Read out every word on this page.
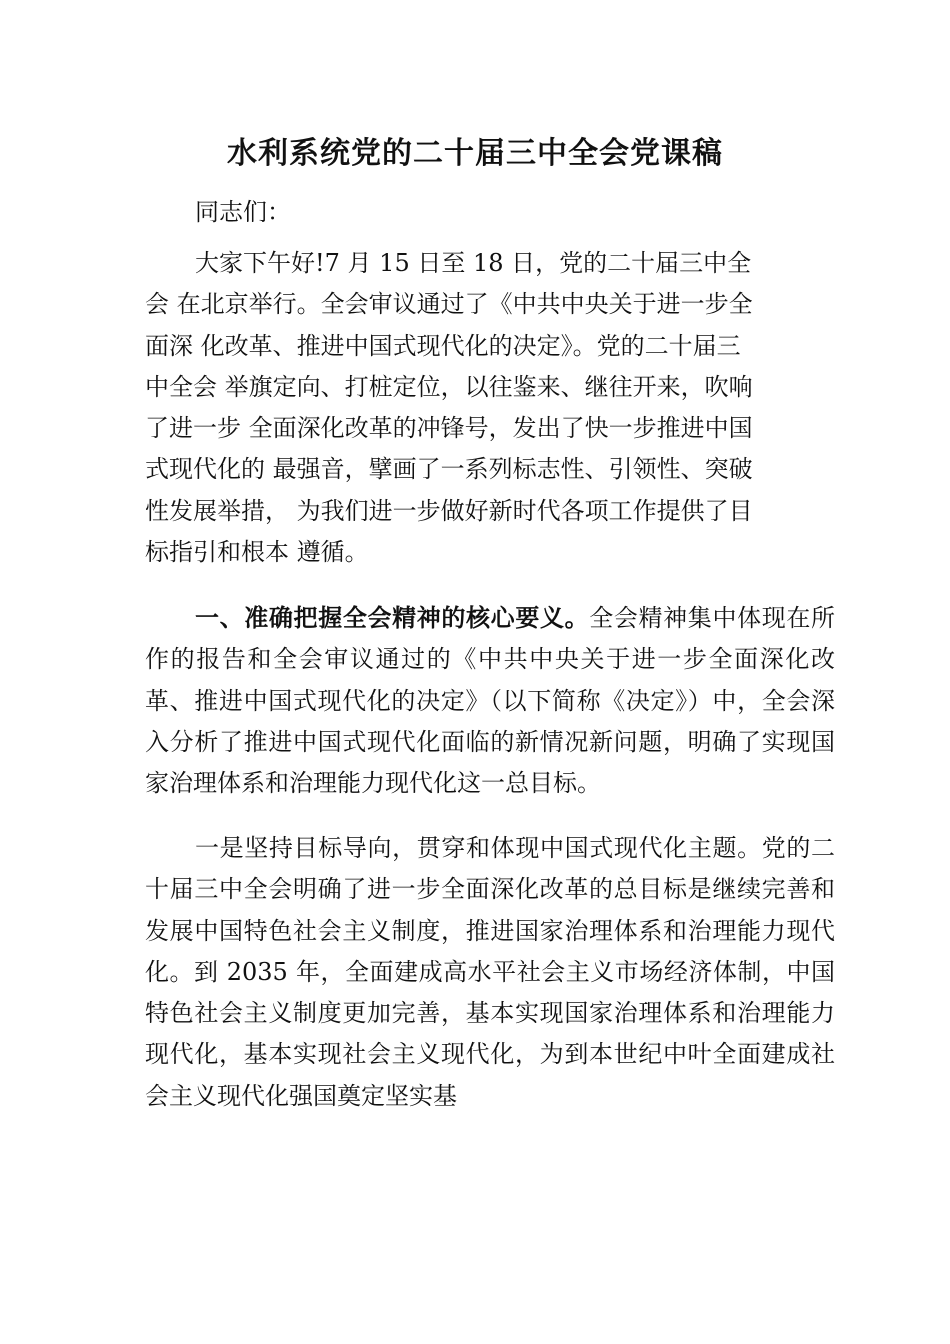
水利系统党的二十届三中全会党课稿

同志们：

大家下午好!7 月 15 日至 18 日，党的二十届三中全
会 在北京举行。全会审议通过了《中共中央关于进一步全
面深 化改革、推进中国式现代化的决定》。党的二十届三
中全会 举旗定向、打桩定位，以往鉴来、继往开来，吹响
了进一步 全面深化改革的冲锋号，发出了快一步推进中国
式现代化的 最强音，擘画了一系列标志性、引领性、突破
性发展举措， 为我们进一步做好新时代各项工作提供了目
标指引和根本 遵循。

一、准确把握全会精神的核心要义。全会精神集中体现在所作的报告和全会审议通过的《中共中央关于进一步全面深化改革、推进中国式现代化的决定》（以下简称《决定》）中，全会深入分析了推进中国式现代化面临的新情况新问题，明确了实现国家治理体系和治理能力现代化这一总目标。

一是坚持目标导向，贯穿和体现中国式现代化主题。党的二十届三中全会明确了进一步全面深化改革的总目标是继续完善和发展中国特色社会主义制度，推进国家治理体系和治理能力现代化。到 2035 年，全面建成高水平社会主义市场经济体制，中国特色社会主义制度更加完善，基本实现国家治理体系和治理能力现代化，基本实现社会主义现代化，为到本世纪中叶全面建成社会主义现代化强国奠定坚实基
